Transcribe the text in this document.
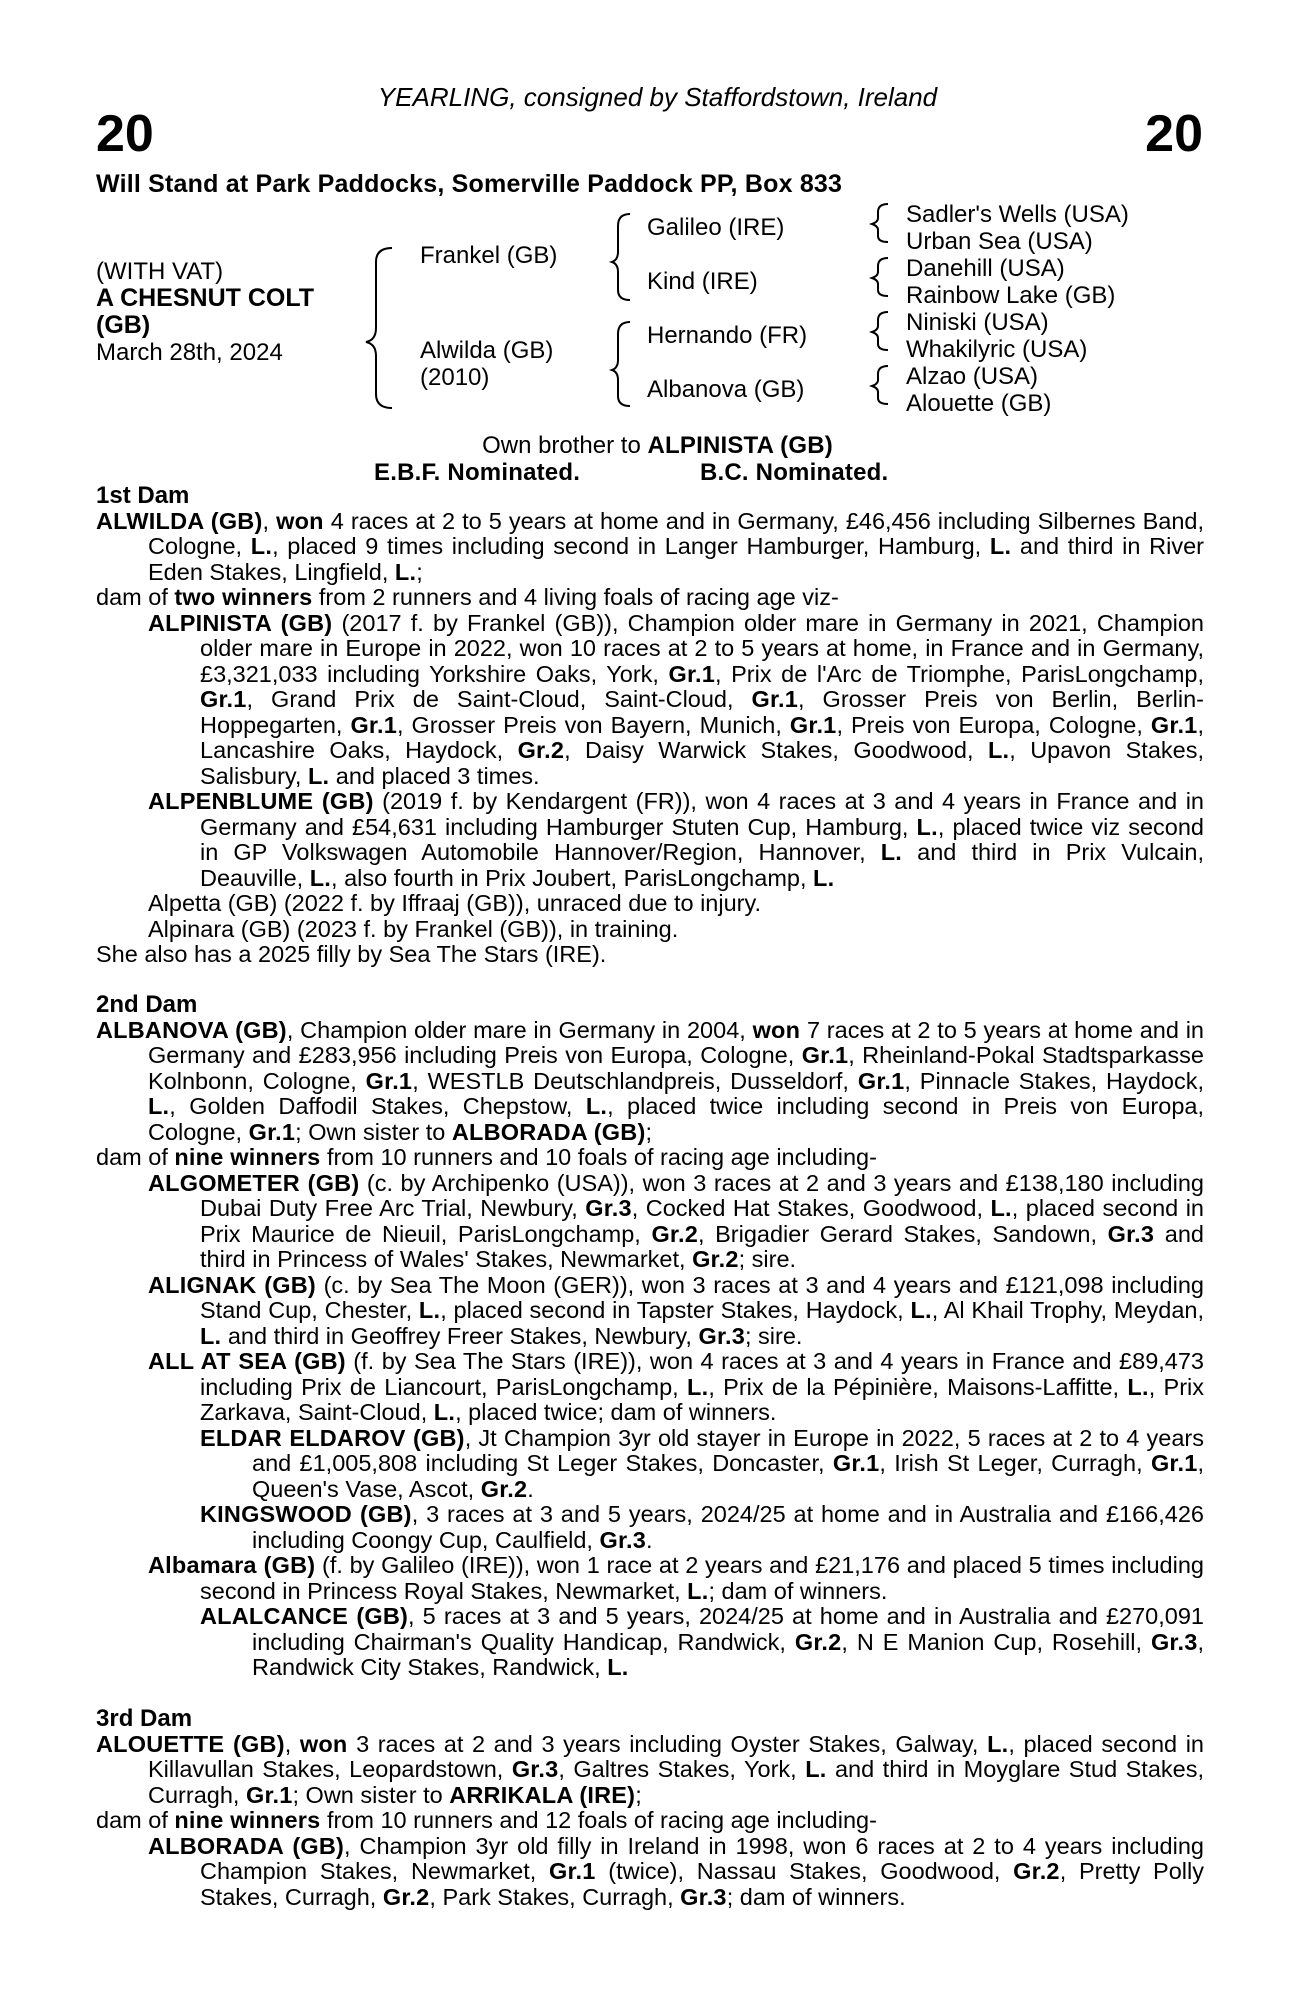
20	20
YEARLING, consigned by Staffordstown, Ireland
Will Stand at Park Paddocks, Somerville Paddock PP, Box 833
(WITH VAT)
A CHESNUT COLT
(GB)
March 28th, 2024
Frankel (GB)
Alwilda (GB)
(2010)
Galileo (IRE)
Kind (IRE)
Hernando (FR)
Albanova (GB)
Sadler's Wells (USA)
Urban Sea (USA)
Danehill (USA)
Rainbow Lake (GB)
Niniski (USA)
Whakilyric (USA)
Alzao (USA)
Alouette (GB)
Own brother to ALPINISTA (GB)
E.B.F. Nominated.	B.C. Nominated.

1st Dam

ALWILDA (GB), won 4 races at 2 to 5 years at home and in Germany, £46,456 including Silbernes Band, Cologne, L., placed 9 times including second in Langer Hamburger, Hamburg, L. and third in River Eden Stakes, Lingfield, L.;

dam of two winners from 2 runners and 4 living foals of racing age viz-

ALPINISTA (GB) (2017 f. by Frankel (GB)), Champion older mare in Germany in 2021, Champion older mare in Europe in 2022, won 10 races at 2 to 5 years at home, in France and in Germany, £3,321,033 including Yorkshire Oaks, York, Gr.1, Prix de l'Arc de Triomphe, ParisLongchamp, Gr.1, Grand Prix de Saint-Cloud, Saint-Cloud, Gr.1, Grosser Preis von Berlin, Berlin-Hoppegarten, Gr.1, Grosser Preis von Bayern, Munich, Gr.1, Preis von Europa, Cologne, Gr.1, Lancashire Oaks, Haydock, Gr.2, Daisy Warwick Stakes, Goodwood, L., Upavon Stakes, Salisbury, L. and placed 3 times.

ALPENBLUME (GB) (2019 f. by Kendargent (FR)), won 4 races at 3 and 4 years in France and in Germany and £54,631 including Hamburger Stuten Cup, Hamburg, L., placed twice viz second in GP Volkswagen Automobile Hannover/Region, Hannover, L. and third in Prix Vulcain, Deauville, L., also fourth in Prix Joubert, ParisLongchamp, L.

Alpetta (GB) (2022 f. by Iffraaj (GB)), unraced due to injury.

Alpinara (GB) (2023 f. by Frankel (GB)), in training.

She also has a 2025 filly by Sea The Stars (IRE).

2nd Dam

ALBANOVA (GB), Champion older mare in Germany in 2004, won 7 races at 2 to 5 years at home and in Germany and £283,956 including Preis von Europa, Cologne, Gr.1, Rheinland-Pokal Stadtsparkasse Kolnbonn, Cologne, Gr.1, WESTLB Deutschlandpreis, Dusseldorf, Gr.1, Pinnacle Stakes, Haydock, L., Golden Daffodil Stakes, Chepstow, L., placed twice including second in Preis von Europa, Cologne, Gr.1; Own sister to ALBORADA (GB);

dam of nine winners from 10 runners and 10 foals of racing age including-

ALGOMETER (GB) (c. by Archipenko (USA)), won 3 races at 2 and 3 years and £138,180 including Dubai Duty Free Arc Trial, Newbury, Gr.3, Cocked Hat Stakes, Goodwood, L., placed second in Prix Maurice de Nieuil, ParisLongchamp, Gr.2, Brigadier Gerard Stakes, Sandown, Gr.3 and third in Princess of Wales' Stakes, Newmarket, Gr.2; sire.

ALIGNAK (GB) (c. by Sea The Moon (GER)), won 3 races at 3 and 4 years and £121,098 including Stand Cup, Chester, L., placed second in Tapster Stakes, Haydock, L., Al Khail Trophy, Meydan, L. and third in Geoffrey Freer Stakes, Newbury, Gr.3; sire.

ALL AT SEA (GB) (f. by Sea The Stars (IRE)), won 4 races at 3 and 4 years in France and £89,473 including Prix de Liancourt, ParisLongchamp, L., Prix de la Pépinière, Maisons-Laffitte, L., Prix Zarkava, Saint-Cloud, L., placed twice; dam of winners.

ELDAR ELDAROV (GB), Jt Champion 3yr old stayer in Europe in 2022, 5 races at 2 to 4 years and £1,005,808 including St Leger Stakes, Doncaster, Gr.1, Irish St Leger, Curragh, Gr.1, Queen's Vase, Ascot, Gr.2.

KINGSWOOD (GB), 3 races at 3 and 5 years, 2024/25 at home and in Australia and £166,426 including Coongy Cup, Caulfield, Gr.3.

Albamara (GB) (f. by Galileo (IRE)), won 1 race at 2 years and £21,176 and placed 5 times including second in Princess Royal Stakes, Newmarket, L.; dam of winners.

ALALCANCE (GB), 5 races at 3 and 5 years, 2024/25 at home and in Australia and £270,091 including Chairman's Quality Handicap, Randwick, Gr.2, N E Manion Cup, Rosehill, Gr.3, Randwick City Stakes, Randwick, L.

3rd Dam

ALOUETTE (GB), won 3 races at 2 and 3 years including Oyster Stakes, Galway, L., placed second in Killavullan Stakes, Leopardstown, Gr.3, Galtres Stakes, York, L. and third in Moyglare Stud Stakes, Curragh, Gr.1; Own sister to ARRIKALA (IRE);

dam of nine winners from 10 runners and 12 foals of racing age including-

ALBORADA (GB), Champion 3yr old filly in Ireland in 1998, won 6 races at 2 to 4 years including Champion Stakes, Newmarket, Gr.1 (twice), Nassau Stakes, Goodwood, Gr.2, Pretty Polly Stakes, Curragh, Gr.2, Park Stakes, Curragh, Gr.3; dam of winners.
